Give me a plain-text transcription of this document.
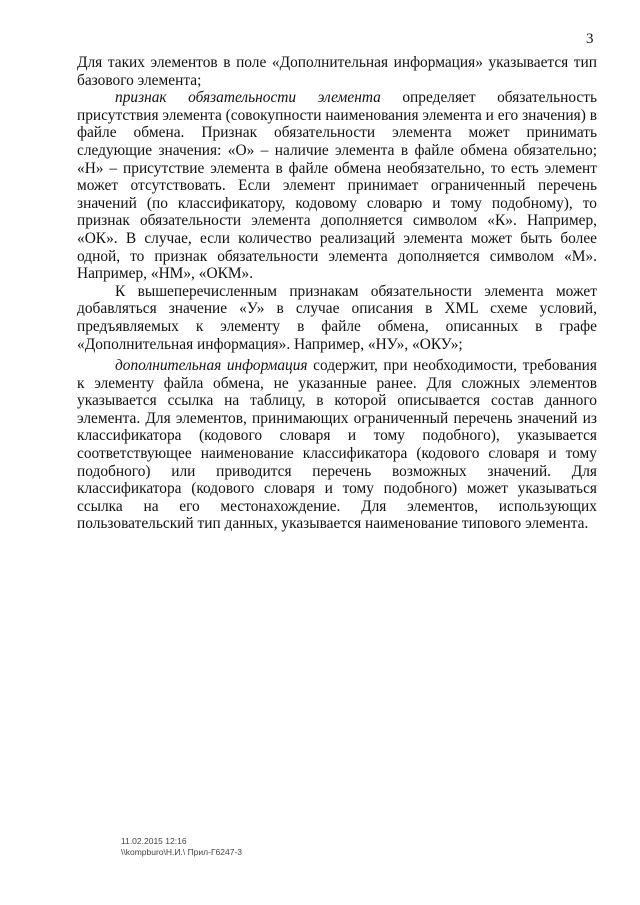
3

Для таких элементов в поле «Дополнительная информация» указывается тип базового элемента;

признак обязательности элемента определяет обязательность присутствия элемента (совокупности наименования элемента и его значения) в файле обмена. Признак обязательности элемента может принимать следующие значения: «О» – наличие элемента в файле обмена обязательно; «Н» – присутствие элемента в файле обмена необязательно, то есть элемент может отсутствовать. Если элемент принимает ограниченный перечень значений (по классификатору, кодовому словарю и тому подобному), то признак обязательности элемента дополняется символом «К». Например, «ОК». В случае, если количество реализаций элемента может быть более одной, то признак обязательности элемента дополняется символом «М». Например, «НМ», «ОКМ».

К вышеперечисленным признакам обязательности элемента может добавляться значение «У» в случае описания в XML схеме условий, предъявляемых к элементу в файле обмена, описанных в графе «Дополнительная информация». Например, «НУ», «ОКУ»;

дополнительная информация содержит, при необходимости, требования к элементу файла обмена, не указанные ранее. Для сложных элементов указывается ссылка на таблицу, в которой описывается состав данного элемента. Для элементов, принимающих ограниченный перечень значений из классификатора (кодового словаря и тому подобного), указывается соответствующее наименование классификатора (кодового словаря и тому подобного) или приводится перечень возможных значений. Для классификатора (кодового словаря и тому подобного) может указываться ссылка на его местонахождение. Для элементов, использующих пользовательский тип данных, указывается наименование типового элемента.

11.02.2015 12:16
\\kompburo\Н.И.\ Прил-Г6247-3
